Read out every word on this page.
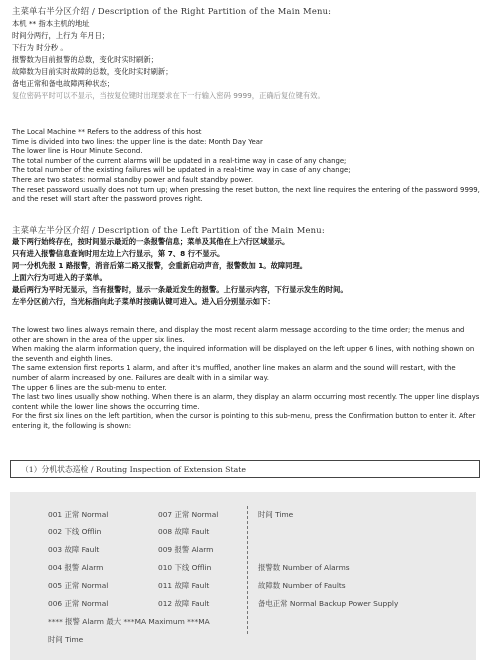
主菜单右半分区介绍 / Description of the Right Partition of the Main Menu:
本机 ** 指本主机的地址
时间分两行，上行为 年月日；
下行为 时分秒 。
报警数为目前报警的总数，变化时实时刷新；
故障数为目前实时故障的总数，变化时实时刷新；
备电正常和备电故障两种状态；
复位密码平时可以不显示，当按复位键时出现要求在下一行输入密码 9999，正确后复位键有效。

The Local Machine ** Refers to the address of this host

Time is divided into two lines: the upper line is the date: Month Day Year

The lower line is Hour Minute Second.

The total number of the current alarms will be updated in a real-time way in case of any change;

The total number of the existing failures will be updated in a real-time way in case of any change;

There are two states: normal standby power and fault standby power.

The reset password usually does not turn up; when pressing the reset button, the next line requires the entering of the password 9999, and the reset will start after the password proves right.

主菜单左半分区介绍 / Description of the Left Partition of the Main Menu:
最下两行始终存在，按时间显示最近的一条报警信息；菜单及其他在上六行区域显示。
只有进入报警信息查询时用左边上六行显示，第 7、8 行不显示。
同一分机先报 1 路报警，消音后第二路又报警，会重新启动声音，报警数加 1。故障同理。
上面六行为可进入的子菜单。
最后两行为平时无显示，当有报警时，显示一条最近发生的报警。上行显示内容，下行显示发生的时间。
左半分区前六行，当光标指向此子菜单时按确认键可进入。进入后分别显示如下：

The lowest two lines always remain there, and display the most recent alarm message according to the time order; the menus and other are shown in the area of the upper six lines.

When making the alarm information query, the inquired information will be displayed on the left upper 6 lines, with nothing shown on the seventh and eighth lines.

The same extension first reports 1 alarm, and after it's muffled, another line makes an alarm and the sound will restart, with the number of alarm increased by one. Failures are dealt with in a similar way.

The upper 6 lines are the sub-menu to enter.

The last two lines usually show nothing. When there is an alarm, they display an alarm occurring most recently. The upper line displays content while the lower line shows the occurring time.

For the first six lines on the left partition, when the cursor is pointing to this sub-menu, press the Confirmation button to enter it. After entering it, the following is shown:

（1）分机状态巡检 / Routing Inspection of Extension State
001 正常 Normal
002 下线 Offlin
003 故障 Fault
004 报警 Alarm
005 正常 Normal
006 正常 Normal
**** 报警 Alarm 最大 ***MA Maximum ***MA
时间 Time
007 正常 Normal
008 故障 Fault
009 报警 Alarm
010 下线 Offlin
011 故障 Fault
012 故障 Fault
时间 Time
报警数 Number of Alarms
故障数 Number of Faults
备电正常 Normal Backup Power Supply
